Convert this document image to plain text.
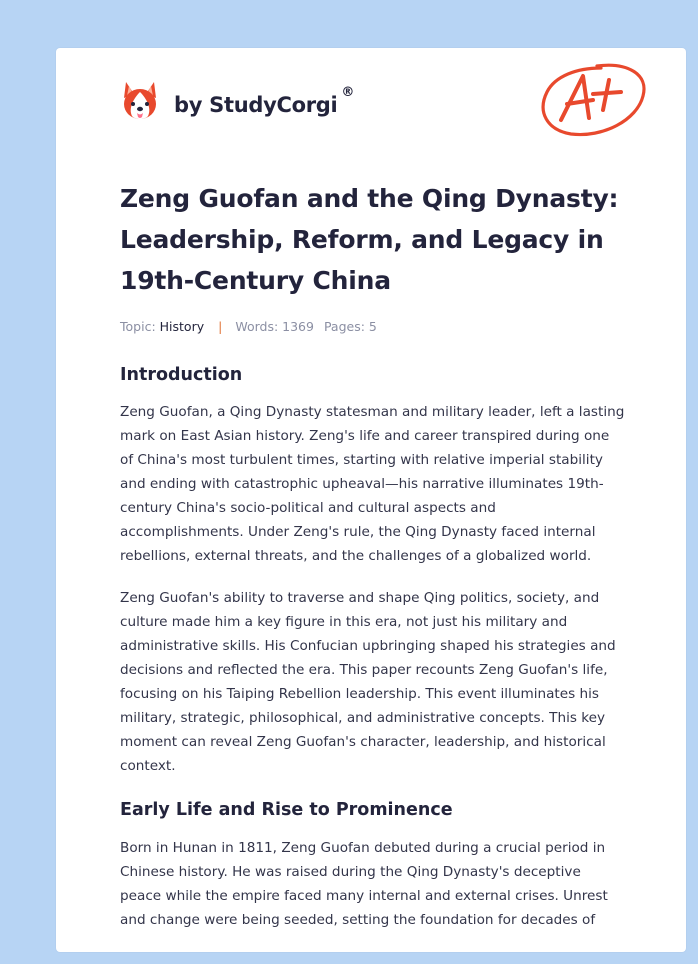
by StudyCorgi
®
Zeng Guofan and the Qing Dynasty:
Leadership, Reform, and Legacy in
19th-Century China
Topic: History | Words: 1369 Pages: 5
Introduction

Zeng Guofan, a Qing Dynasty statesman and military leader, left a lasting
mark on East Asian history. Zeng's life and career transpired during one
of China's most turbulent times, starting with relative imperial stability
and ending with catastrophic upheaval—his narrative illuminates 19th-
century China's socio-political and cultural aspects and
accomplishments. Under Zeng's rule, the Qing Dynasty faced internal
rebellions, external threats, and the challenges of a globalized world.

Zeng Guofan's ability to traverse and shape Qing politics, society, and
culture made him a key figure in this era, not just his military and
administrative skills. His Confucian upbringing shaped his strategies and
decisions and reflected the era. This paper recounts Zeng Guofan's life,
focusing on his Taiping Rebellion leadership. This event illuminates his
military, strategic, philosophical, and administrative concepts. This key
moment can reveal Zeng Guofan's character, leadership, and historical
context.

Early Life and Rise to Prominence

Born in Hunan in 1811, Zeng Guofan debuted during a crucial period in
Chinese history. He was raised during the Qing Dynasty's deceptive
peace while the empire faced many internal and external crises. Unrest
and change were being seeded, setting the foundation for decades of
